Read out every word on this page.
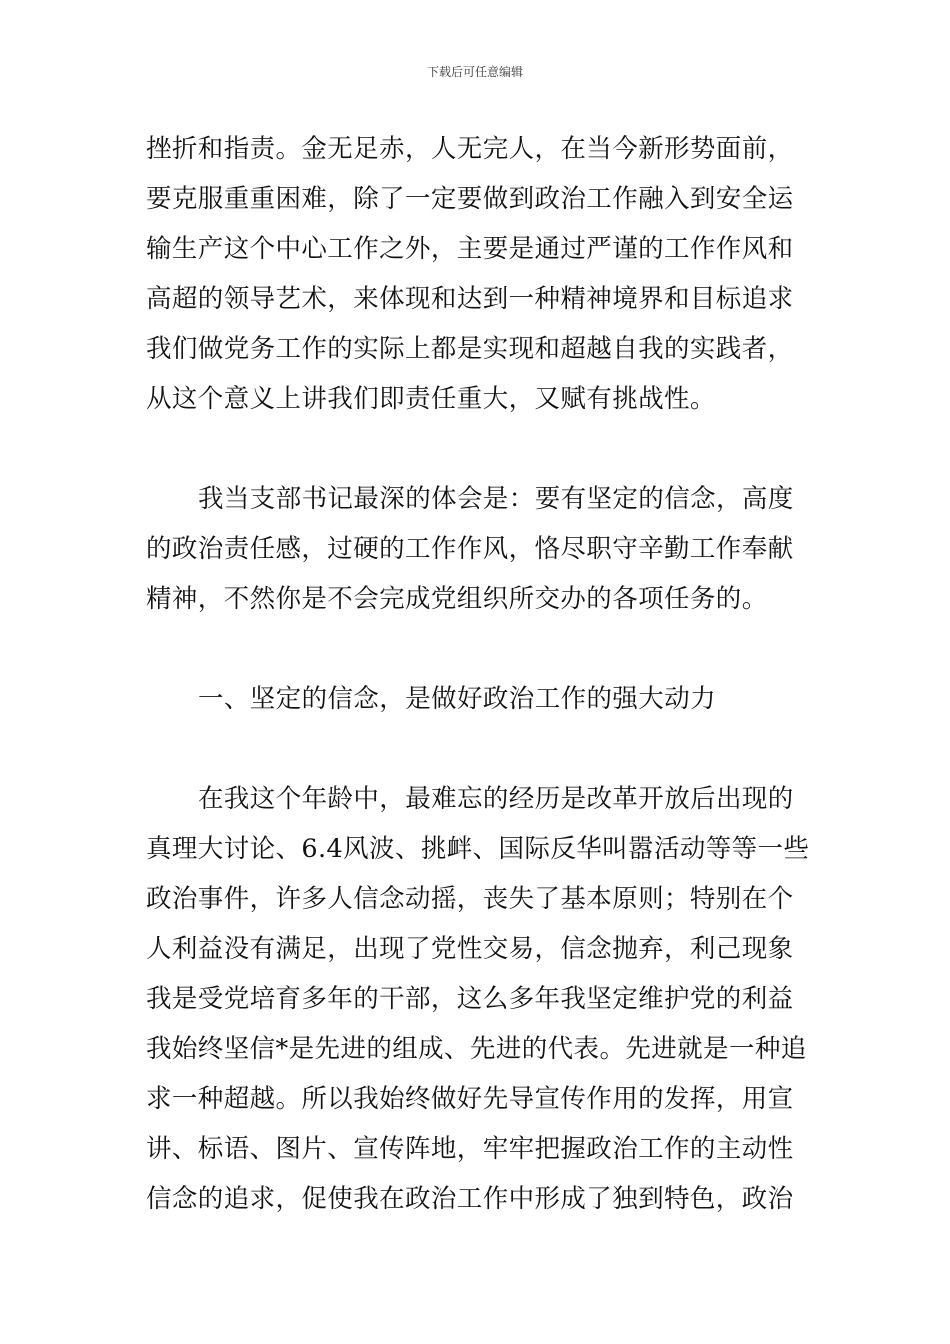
下载后可任意编辑
挫折和指责。金无足赤，人无完人，在当今新形势面前，
要克服重重困难，除了一定要做到政治工作融入到安全运
输生产这个中心工作之外，主要是通过严谨的工作作风和
高超的领导艺术，来体现和达到一种精神境界和目标追求
我们做党务工作的实际上都是实现和超越自我的实践者，
从这个意义上讲我们即责任重大，又赋有挑战性。
我当支部书记最深的体会是：要有坚定的信念，高度
的政治责任感，过硬的工作作风，恪尽职守辛勤工作奉献
精神，不然你是不会完成党组织所交办的各项任务的。
一、坚定的信念，是做好政治工作的强大动力
在我这个年龄中，最难忘的经历是改革开放后出现的
真理大讨论、6.4风波、挑衅、国际反华叫嚣活动等等一些
政治事件，许多人信念动摇，丧失了基本原则；特别在个
人利益没有满足，出现了党性交易，信念抛弃，利己现象
我是受党培育多年的干部，这么多年我坚定维护党的利益
我始终坚信*是先进的组成、先进的代表。先进就是一种追
求一种超越。所以我始终做好先导宣传作用的发挥，用宣
讲、标语、图片、宣传阵地，牢牢把握政治工作的主动性
信念的追求，促使我在政治工作中形成了独到特色，政治
